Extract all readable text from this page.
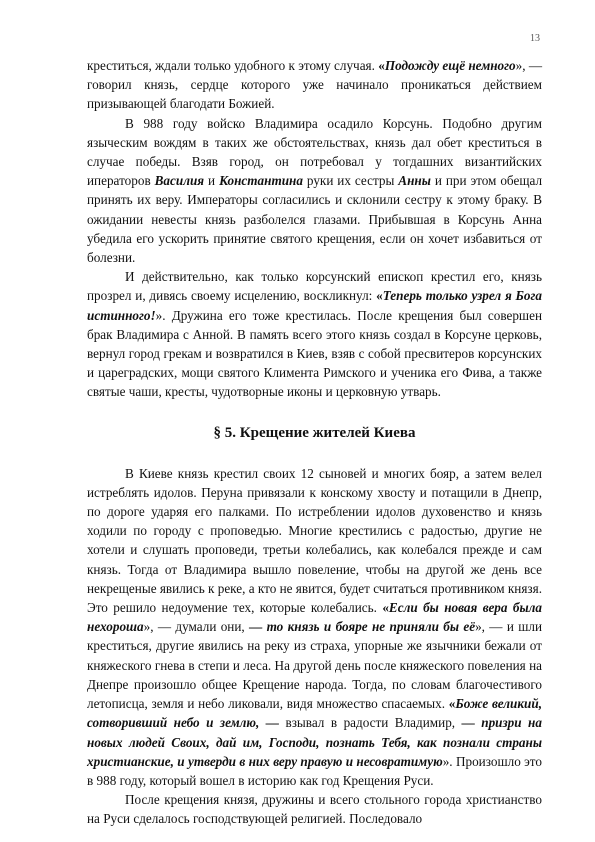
13

креститься, ждали только удобного к этому случая. «Подожду ещё немного», — говорил князь, сердце которого уже начинало проникаться действием призывающей благодати Божией.

В 988 году войско Владимира осадило Корсунь. Подобно другим языческим вождям в таких же обстоятельствах, князь дал обет креститься в случае победы. Взяв город, он потребовал у тогдашних византийских иператоров Василия и Константина руки их сестры Анны и при этом обещал принять их веру. Императоры согласились и склонили сестру к этому браку. В ожидании невесты князь разболелся глазами. Прибывшая в Корсунь Анна убедила его ускорить принятие святого крещения, если он хочет избавиться от болезни.

И действительно, как только корсунский епископ крестил его, князь прозрел и, дивясь своему исцелению, воскликнул: «Теперь только узрел я Бога истинного!». Дружина его тоже крестилась. После крещения был совершен брак Владимира с Анной. В память всего этого князь создал в Корсуне церковь, вернул город грекам и возвратился в Киев, взяв с собой пресвитеров корсунских и цареградских, мощи святого Климента Римского и ученика его Фива, а также святые чаши, кресты, чудотворные иконы и церковную утварь.

§ 5. Крещение жителей Киева

В Киеве князь крестил своих 12 сыновей и многих бояр, а затем велел истреблять идолов. Перуна привязали к конскому хвосту и потащили в Днепр, по дороге ударяя его палками. По истреблении идолов духовенство и князь ходили по городу с проповедью. Многие крестились с радостью, другие не хотели и слушать проповеди, третьи колебались, как колебался прежде и сам князь. Тогда от Владимира вышло повеление, чтобы на другой же день все некрещеные явились к реке, а кто не явится, будет считаться противником князя. Это решило недоумение тех, которые колебались. «Если бы новая вера была нехороша», — думали они, — то князь и бояре не приняли бы её», — и шли креститься, другие явились на реку из страха, упорные же язычники бежали от княжеского гнева в степи и леса. На другой день после княжеского повеления на Днепре произошло общее Крещение народа. Тогда, по словам благочестивого летописца, земля и небо ликовали, видя множество спасаемых. «Боже великий, сотворивший небо и землю, — взывал в радости Владимир, — призри на новых людей Своих, дай им, Господи, познать Тебя, как познали страны христианские, и утверди в них веру правую и несовратимую». Произошло это в 988 году, который вошел в историю как год Крещения Руси.

После крещения князя, дружины и всего стольного города христианство на Руси сделалось господствующей религией. Последовало
